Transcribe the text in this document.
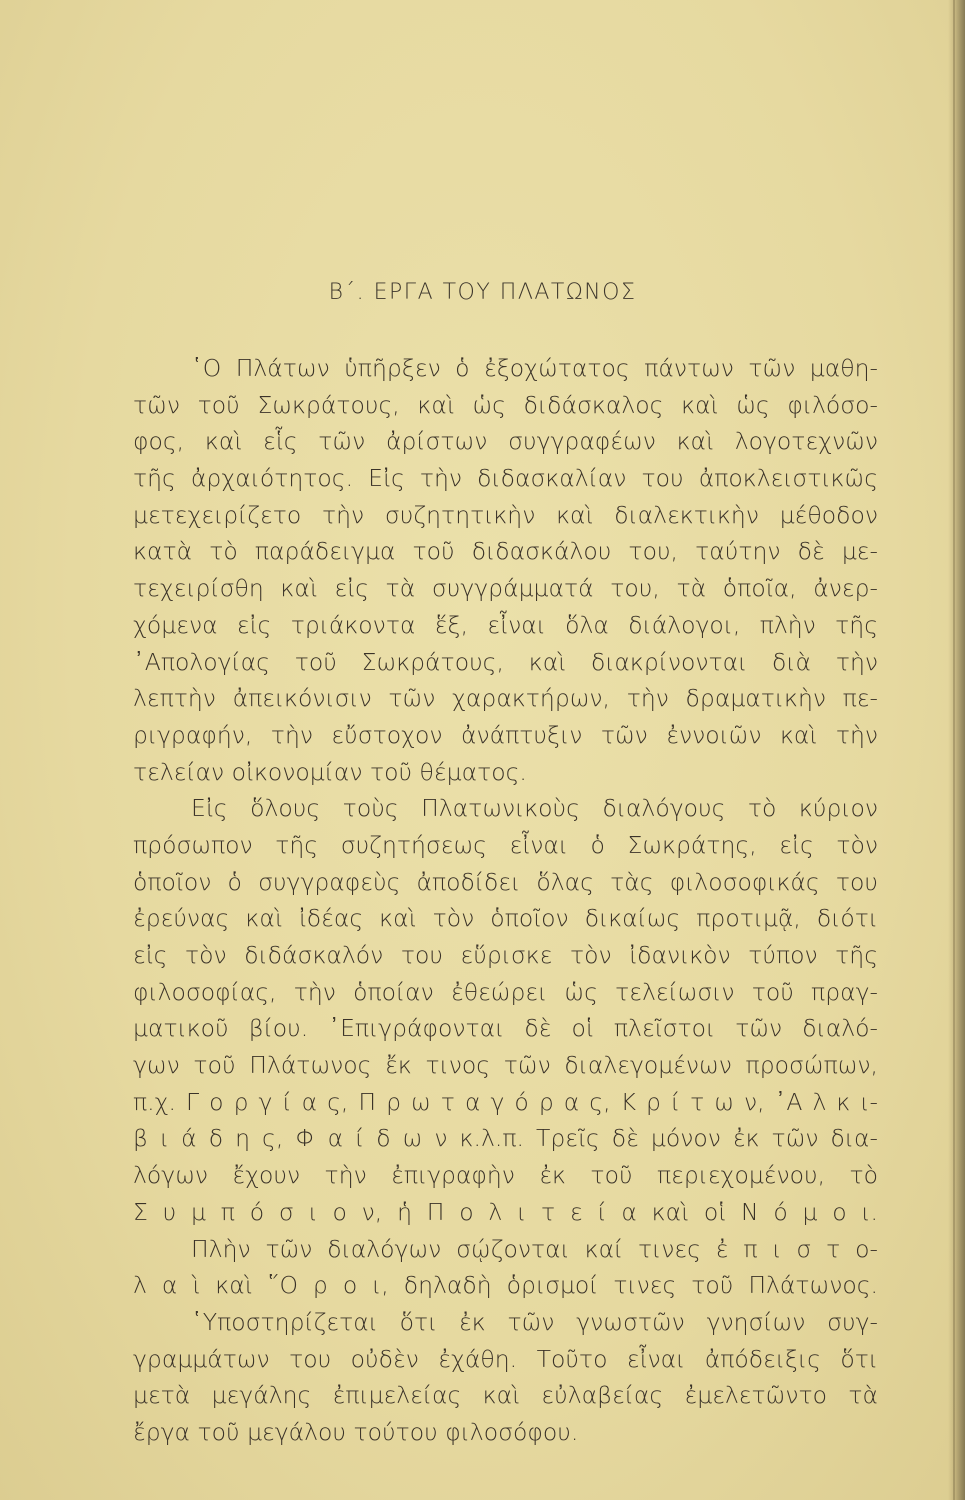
Β΄. ΕΡΓΑ ΤΟΥ ΠΛΑΤΩΝΟΣ
῾Ο Πλάτων ὑπῆρξεν ὁ ἐξοχώτατος πάντων τῶν μαθη-
τῶν τοῦ Σωκράτους, καὶ ὡς διδάσκαλος καὶ ὡς φιλόσο-
φος, καὶ εἷς τῶν ἀρίστων συγγραφέων καὶ λογοτεχνῶν
τῆς ἀρχαιότητος. Εἰς τὴν διδασκαλίαν του ἀποκλειστικῶς
μετεχειρίζετο τὴν συζητητικὴν καὶ διαλεκτικὴν μέθοδον
κατὰ τὸ παράδειγμα τοῦ διδασκάλου του, ταύτην δὲ με-
τεχειρίσθη καὶ εἰς τὰ συγγράμματά του, τὰ ὁποῖα, ἀνερ-
χόμενα εἰς τριάκοντα ἕξ, εἶναι ὅλα διάλογοι, πλὴν τῆς
᾿Απολογίας τοῦ Σωκράτους, καὶ διακρίνονται διὰ τὴν
λεπτὴν ἀπεικόνισιν τῶν χαρακτήρων, τὴν δραματικὴν πε-
ριγραφήν, τὴν εὔστοχον ἀνάπτυξιν τῶν ἐννοιῶν καὶ τὴν
τελείαν οἰκονομίαν τοῦ θέματος.
Εἰς ὅλους τοὺς Πλατωνικοὺς διαλόγους τὸ κύριον
πρόσωπον τῆς συζητήσεως εἶναι ὁ Σωκράτης, εἰς τὸν
ὁποῖον ὁ συγγραφεὺς ἀποδίδει ὅλας τὰς φιλοσοφικάς του
ἐρεύνας καὶ ἰδέας καὶ τὸν ὁποῖον δικαίως προτιμᾷ, διότι
εἰς τὸν διδάσκαλόν του εὕρισκε τὸν ἰδανικὸν τύπον τῆς
φιλοσοφίας, τὴν ὁποίαν ἐθεώρει ὡς τελείωσιν τοῦ πραγ-
ματικοῦ βίου. ᾿Επιγράφονται δὲ οἱ πλεῖστοι τῶν διαλό-
γων τοῦ Πλάτωνος ἔκ τινος τῶν διαλεγομένων προσώπων,
π.χ. Γ ο ρ γ ί α ς, Π ρ ω τ α γ ό ρ α ς, Κ ρ ί τ ω ν, ᾿Α λ κ ι-
β ι ά δ η ς, Φ α ί δ ω ν κ.λ.π. Τρεῖς δὲ μόνον ἐκ τῶν δια-
λόγων ἔχουν τὴν ἐπιγραφὴν ἐκ τοῦ περιεχομένου, τὸ
Σ υ μ π ό σ ι ο ν, ἡ Π ο λ ι τ ε ί α καὶ οἱ Ν ό μ ο ι.
Πλὴν τῶν διαλόγων σῴζονται καί τινες ἐ π ι σ τ ο-
λ α ὶ καὶ ῞Ο ρ ο ι, δηλαδὴ ὁρισμοί τινες τοῦ Πλάτωνος.
῾Υποστηρίζεται ὅτι ἐκ τῶν γνωστῶν γνησίων συγ-
γραμμάτων του οὐδὲν ἐχάθη. Τοῦτο εἶναι ἀπόδειξις ὅτι
μετὰ μεγάλης ἐπιμελείας καὶ εὐλαβείας ἐμελετῶντο τὰ
ἔργα τοῦ μεγάλου τούτου φιλοσόφου.
